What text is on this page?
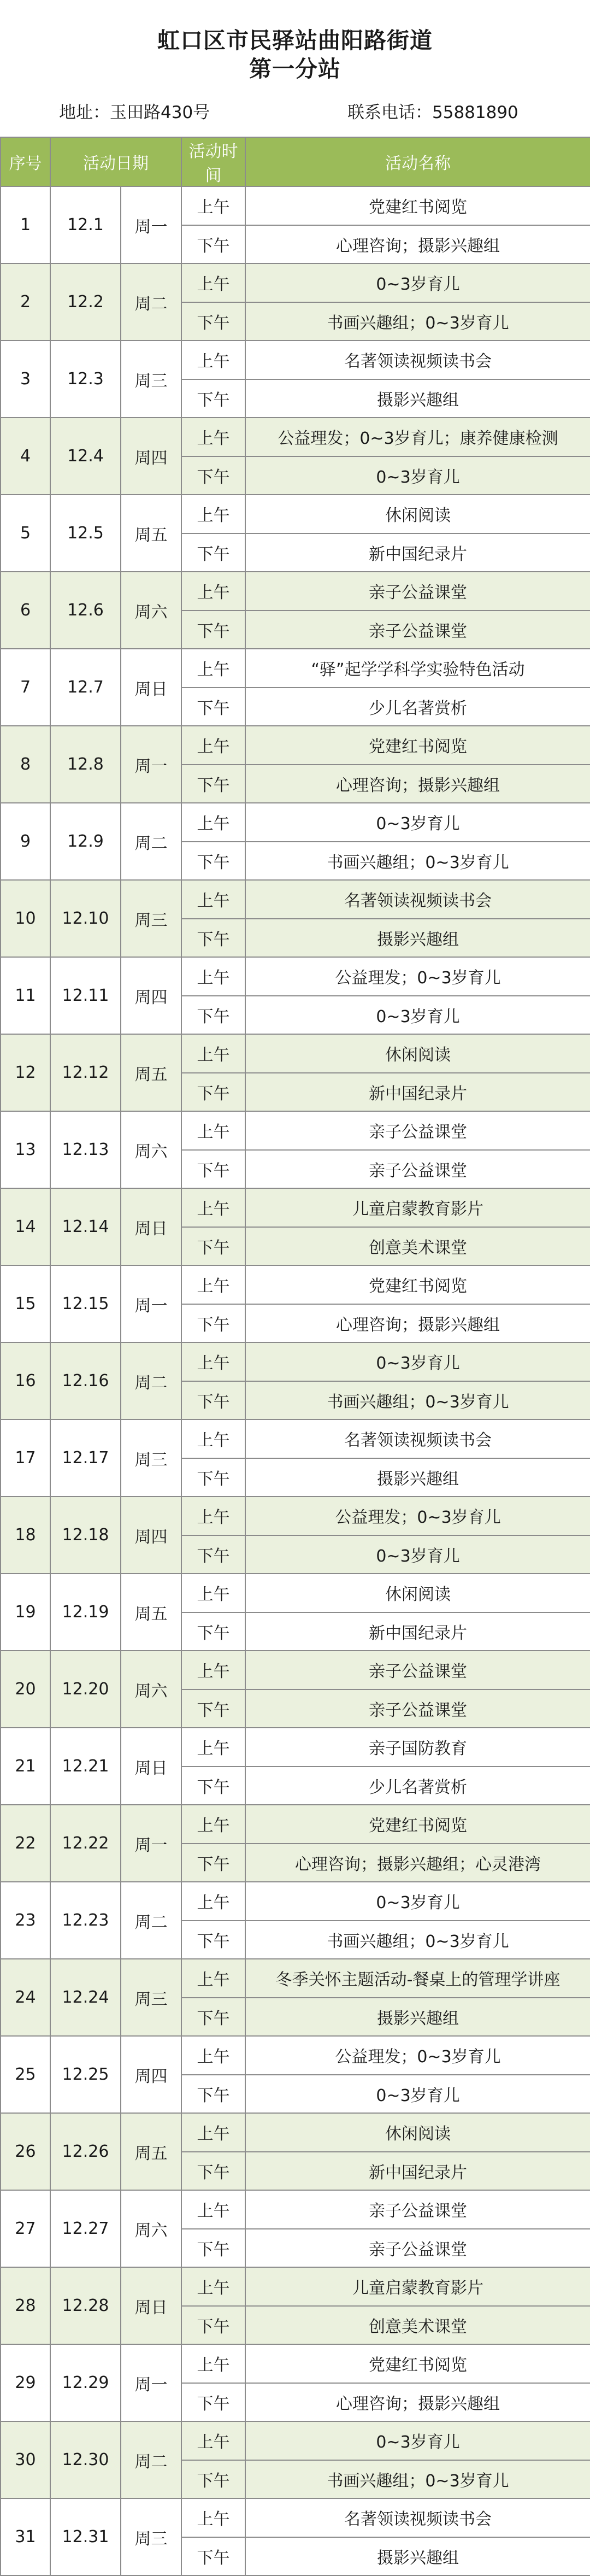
虹口区市民驿站曲阳路街道
第一分站
地址：玉田路430号	联系电话：55881890
序号	活动日期		活动时间	活动名称
1	12.1	周一	上午	党建红书阅览
			下午	心理咨询；摄影兴趣组
2	12.2	周二	上午	0~3岁育儿
			下午	书画兴趣组；0~3岁育儿
3	12.3	周三	上午	名著领读视频读书会
			下午	摄影兴趣组
4	12.4	周四	上午	公益理发；0~3岁育儿；康养健康检测
			下午	0~3岁育儿
5	12.5	周五	上午	休闲阅读
			下午	新中国纪录片
6	12.6	周六	上午	亲子公益课堂
			下午	亲子公益课堂
7	12.7	周日	上午	“驿”起学学科学实验特色活动
			下午	少儿名著赏析
8	12.8	周一	上午	党建红书阅览
			下午	心理咨询；摄影兴趣组
9	12.9	周二	上午	0~3岁育儿
			下午	书画兴趣组；0~3岁育儿
10	12.10	周三	上午	名著领读视频读书会
			下午	摄影兴趣组
11	12.11	周四	上午	公益理发；0~3岁育儿
			下午	0~3岁育儿
12	12.12	周五	上午	休闲阅读
			下午	新中国纪录片
13	12.13	周六	上午	亲子公益课堂
			下午	亲子公益课堂
14	12.14	周日	上午	儿童启蒙教育影片
			下午	创意美术课堂
15	12.15	周一	上午	党建红书阅览
			下午	心理咨询；摄影兴趣组
16	12.16	周二	上午	0~3岁育儿
			下午	书画兴趣组；0~3岁育儿
17	12.17	周三	上午	名著领读视频读书会
			下午	摄影兴趣组
18	12.18	周四	上午	公益理发；0~3岁育儿
			下午	0~3岁育儿
19	12.19	周五	上午	休闲阅读
			下午	新中国纪录片
20	12.20	周六	上午	亲子公益课堂
			下午	亲子公益课堂
21	12.21	周日	上午	亲子国防教育
			下午	少儿名著赏析
22	12.22	周一	上午	党建红书阅览
			下午	心理咨询；摄影兴趣组；心灵港湾
23	12.23	周二	上午	0~3岁育儿
			下午	书画兴趣组；0~3岁育儿
24	12.24	周三	上午	冬季关怀主题活动-餐桌上的管理学讲座
			下午	摄影兴趣组
25	12.25	周四	上午	公益理发；0~3岁育儿
			下午	0~3岁育儿
26	12.26	周五	上午	休闲阅读
			下午	新中国纪录片
27	12.27	周六	上午	亲子公益课堂
			下午	亲子公益课堂
28	12.28	周日	上午	儿童启蒙教育影片
			下午	创意美术课堂
29	12.29	周一	上午	党建红书阅览
			下午	心理咨询；摄影兴趣组
30	12.30	周二	上午	0~3岁育儿
			下午	书画兴趣组；0~3岁育儿
31	12.31	周三	上午	名著领读视频读书会
			下午	摄影兴趣组
